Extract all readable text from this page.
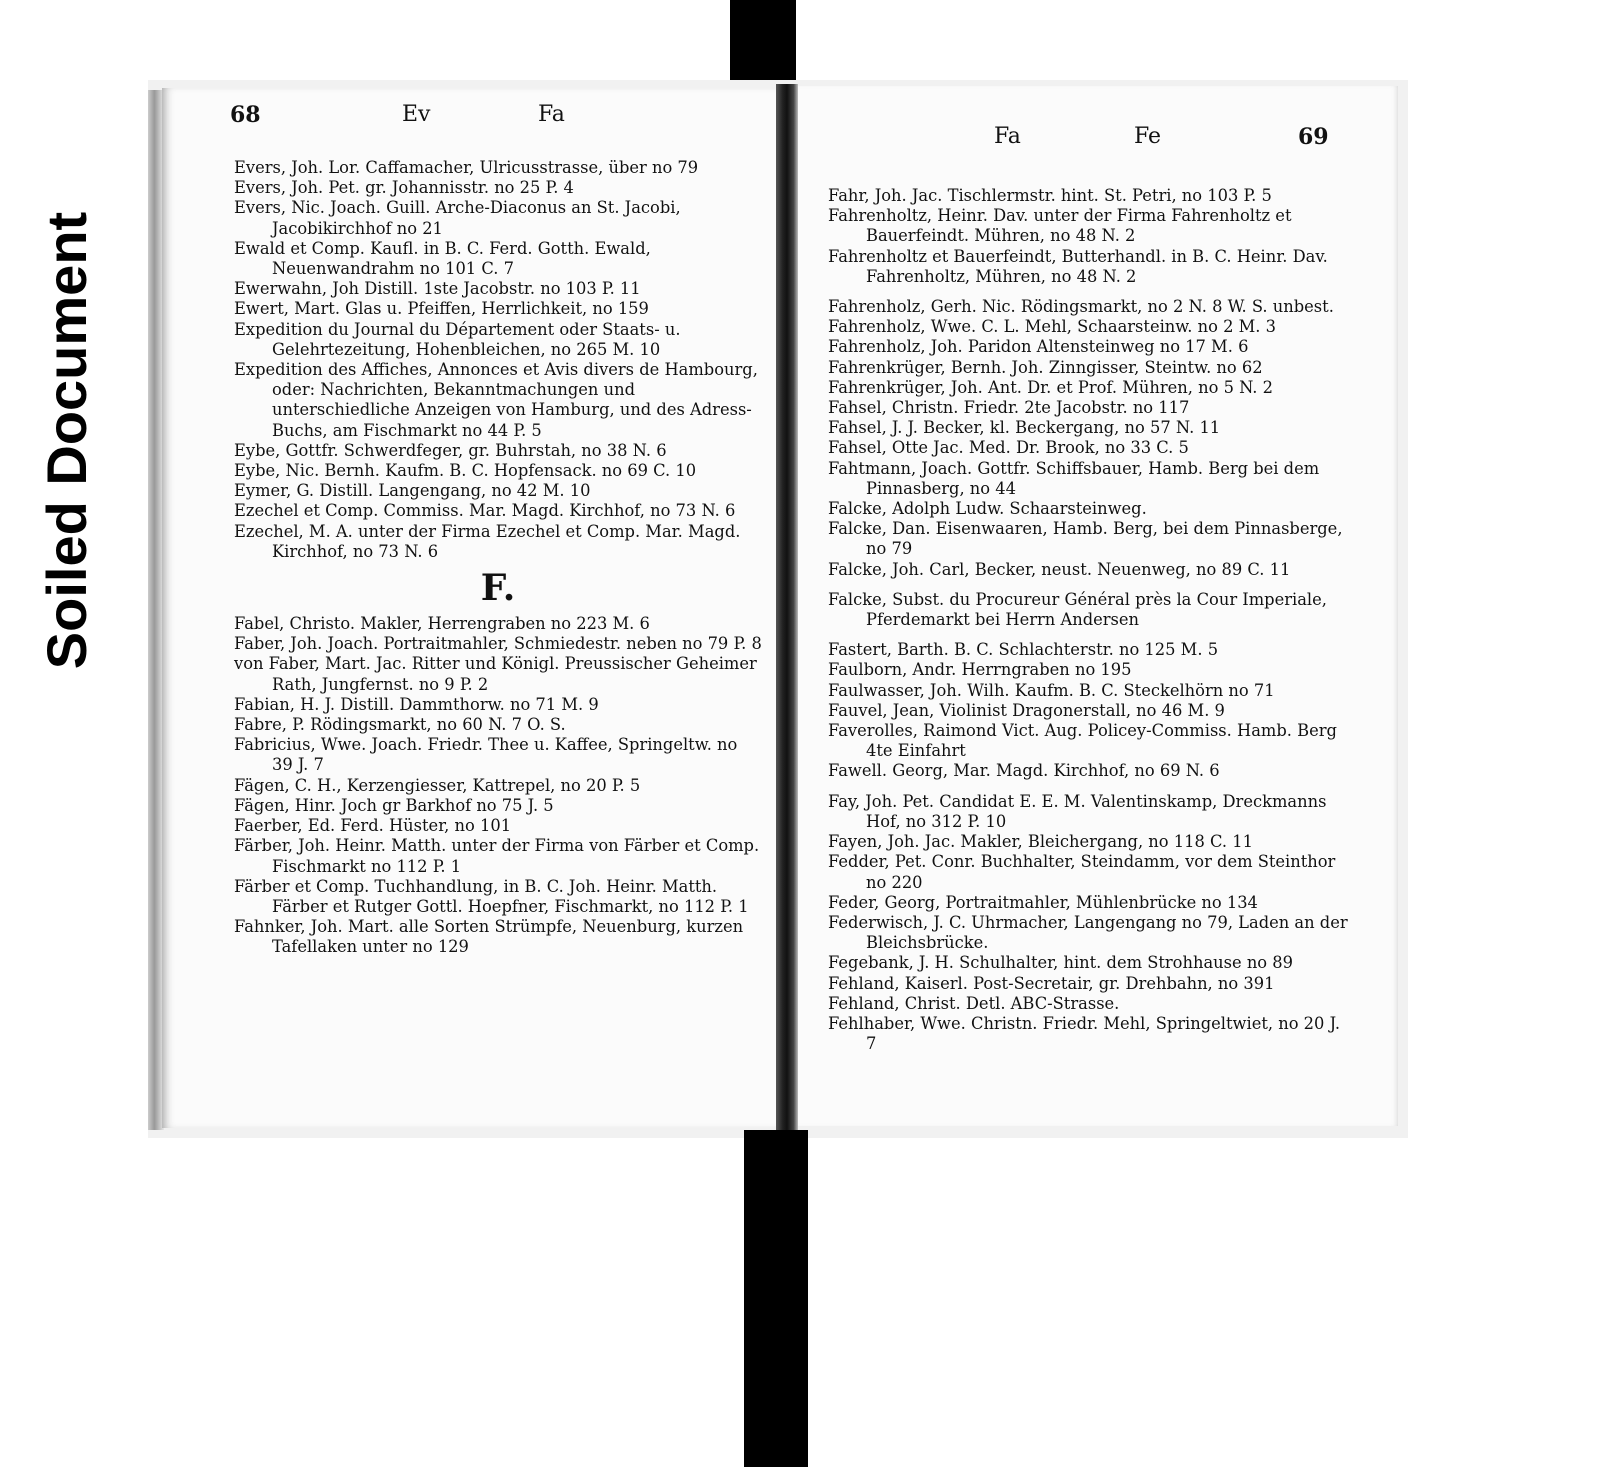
Soiled Document
68	Ev	Fa

Evers, Joh. Lor. Caffamacher, Ulricusstrasse, über no 79

Evers, Joh. Pet. gr. Johannisstr. no 25 P. 4

Evers, Nic. Joach. Guill. Arche-Diaconus an St. Jacobi, Jacobikirchhof no 21

Ewald et Comp. Kaufl. in B. C. Ferd. Gotth. Ewald, Neuenwandrahm no 101 C. 7

Ewerwahn, Joh Distill. 1ste Jacobstr. no 103 P. 11

Ewert, Mart. Glas u. Pfeiffen, Herrlichkeit, no 159

Expedition du Journal du Département oder Staats- u. Gelehrtezeitung, Hohenbleichen, no 265 M. 10

Expedition des Affiches, Annonces et Avis divers de Hambourg, oder: Nachrichten, Bekanntmachungen und unterschiedliche Anzeigen von Hamburg, und des Adress-Buchs, am Fischmarkt no 44 P. 5

Eybe, Gottfr. Schwerdfeger, gr. Buhrstah, no 38 N. 6

Eybe, Nic. Bernh. Kaufm. B. C. Hopfensack. no 69 C. 10

Eymer, G. Distill. Langengang, no 42 M. 10

Ezechel et Comp. Commiss. Mar. Magd. Kirchhof, no 73 N. 6

Ezechel, M. A. unter der Firma Ezechel et Comp. Mar. Magd. Kirchhof, no 73 N. 6

F.

Fabel, Christo. Makler, Herrengraben no 223 M. 6

Faber, Joh. Joach. Portraitmahler, Schmiedestr. neben no 79 P. 8

von Faber, Mart. Jac. Ritter und Königl. Preussischer Geheimer Rath, Jungfernst. no 9 P. 2

Fabian, H. J. Distill. Dammthorw. no 71 M. 9

Fabre, P. Rödingsmarkt, no 60 N. 7 O. S.

Fabricius, Wwe. Joach. Friedr. Thee u. Kaffee, Springeltw. no 39 J. 7

Fägen, C. H., Kerzengiesser, Kattrepel, no 20 P. 5

Fägen, Hinr. Joch gr Barkhof no 75 J. 5

Faerber, Ed. Ferd. Hüster, no 101

Färber, Joh. Heinr. Matth. unter der Firma von Färber et Comp. Fischmarkt no 112 P. 1

Färber et Comp. Tuchhandlung, in B. C. Joh. Heinr. Matth. Färber et Rutger Gottl. Hoepfner, Fischmarkt, no 112 P. 1

Fahnker, Joh. Mart. alle Sorten Strümpfe, Neuenburg, kurzen Tafellaken unter no 129

Fa	Fe	69

Fahr, Joh. Jac. Tischlermstr. hint. St. Petri, no 103 P. 5

Fahrenholtz, Heinr. Dav. unter der Firma Fahrenholtz et Bauerfeindt. Mühren, no 48 N. 2

Fahrenholtz et Bauerfeindt, Butterhandl. in B. C. Heinr. Dav. Fahrenholtz, Mühren, no 48 N. 2

Fahrenholz, Gerh. Nic. Rödingsmarkt, no 2 N. 8 W. S. unbest.

Fahrenholz, Wwe. C. L. Mehl, Schaarsteinw. no 2 M. 3

Fahrenholz, Joh. Paridon Altensteinweg no 17 M. 6

Fahrenkrüger, Bernh. Joh. Zinngisser, Steintw. no 62

Fahrenkrüger, Joh. Ant. Dr. et Prof. Mühren, no 5 N. 2

Fahsel, Christn. Friedr. 2te Jacobstr. no 117

Fahsel, J. J. Becker, kl. Beckergang, no 57 N. 11

Fahsel, Otte Jac. Med. Dr. Brook, no 33 C. 5

Fahtmann, Joach. Gottfr. Schiffsbauer, Hamb. Berg bei dem Pinnasberg, no 44

Falcke, Adolph Ludw. Schaarsteinweg.

Falcke, Dan. Eisenwaaren, Hamb. Berg, bei dem Pinnasberge, no 79

Falcke, Joh. Carl, Becker, neust. Neuenweg, no 89 C. 11

Falcke, Subst. du Procureur Général près la Cour Imperiale, Pferdemarkt bei Herrn Andersen

Fastert, Barth. B. C. Schlachterstr. no 125 M. 5

Faulborn, Andr. Herrngraben no 195

Faulwasser, Joh. Wilh. Kaufm. B. C. Steckelhörn no 71

Fauvel, Jean, Violinist Dragonerstall, no 46 M. 9

Faverolles, Raimond Vict. Aug. Policey-Commiss. Hamb. Berg 4te Einfahrt

Fawell. Georg, Mar. Magd. Kirchhof, no 69 N. 6

Fay, Joh. Pet. Candidat E. E. M. Valentinskamp, Dreckmanns Hof, no 312 P. 10

Fayen, Joh. Jac. Makler, Bleichergang, no 118 C. 11

Fedder, Pet. Conr. Buchhalter, Steindamm, vor dem Steinthor no 220

Feder, Georg, Portraitmahler, Mühlenbrücke no 134

Federwisch, J. C. Uhrmacher, Langengang no 79, Laden an der Bleichsbrücke.

Fegebank, J. H. Schulhalter, hint. dem Strohhause no 89

Fehland, Kaiserl. Post-Secretair, gr. Drehbahn, no 391

Fehland, Christ. Detl. ABC-Strasse.

Fehlhaber, Wwe. Christn. Friedr. Mehl, Springeltwiet, no 20 J. 7
